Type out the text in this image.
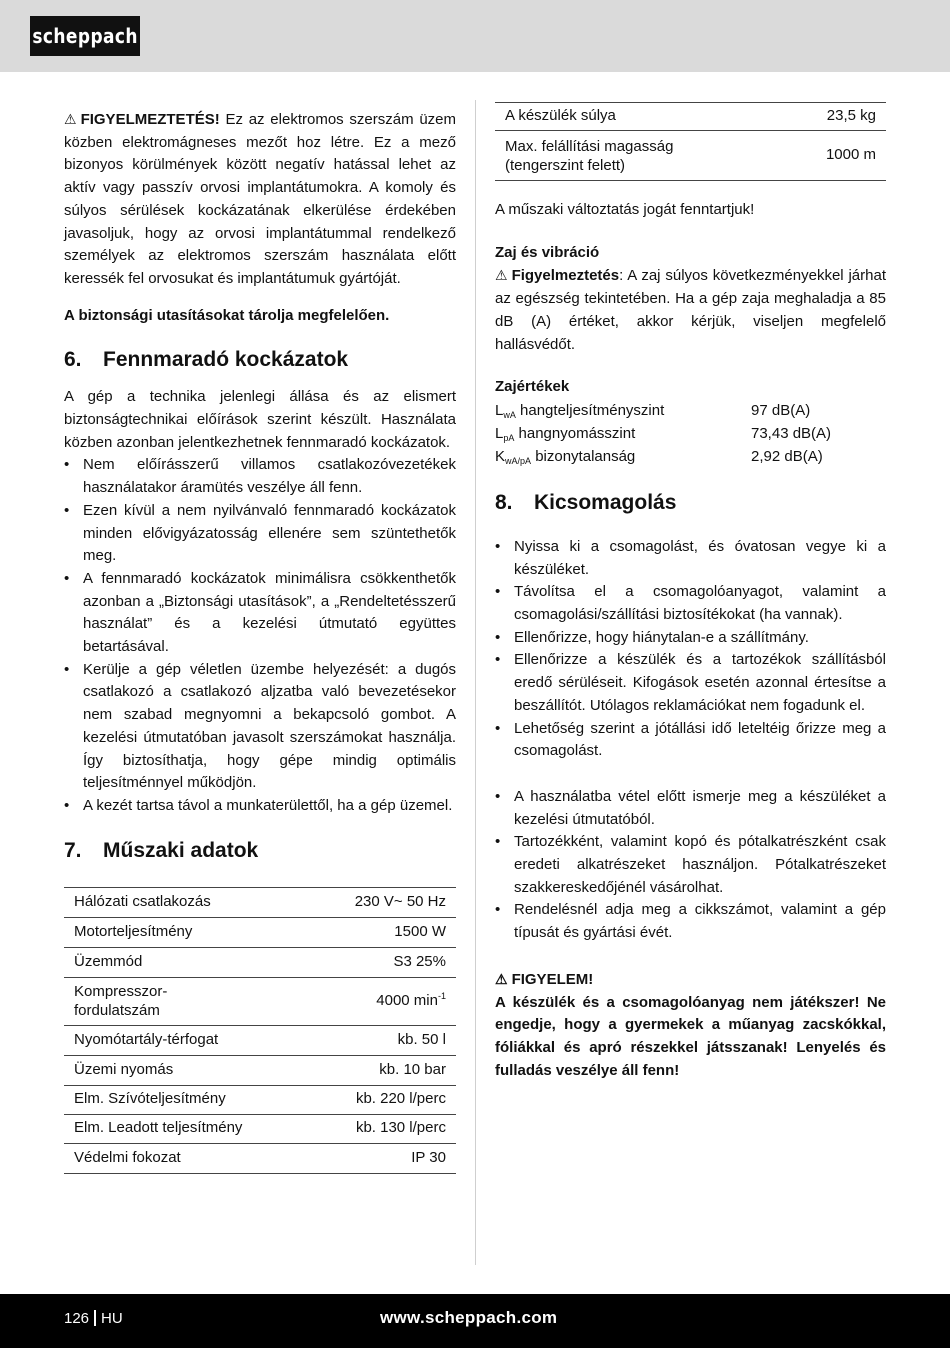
scheppach

⚠ FIGYELMEZTETÉS! Ez az elektromos szerszám üzem közben elektromágneses mezőt hoz létre. Ez a mező bizonyos körülmények között negatív hatással lehet az aktív vagy passzív orvosi implantátumokra. A komoly és súlyos sérülések kockázatának elkerülése érdekében javasoljuk, hogy az orvosi implantátummal rendelkező személyek az elektromos szerszám használata előtt keressék fel orvosukat és implantátumuk gyártóját.

A biztonsági utasításokat tárolja megfelelően.

6.	Fennmaradó kockázatok

A gép a technika jelenlegi állása és az elismert biztonságtechnikai előírások szerint készült. Használata közben azonban jelentkezhetnek fennmaradó kockázatok.

• Nem előírásszerű villamos csatlakozóvezetékek használatakor áramütés veszélye áll fenn.
• Ezen kívül a nem nyilvánvaló fennmaradó kockázatok minden elővigyázatosság ellenére sem szüntethetők meg.
• A fennmaradó kockázatok minimálisra csökkenthetők azonban a „Biztonsági utasítások”, a „Rendeltetésszerű használat” és a kezelési útmutató együttes betartásával.
• Kerülje a gép véletlen üzembe helyezését: a dugós csatlakozó a csatlakozó aljzatba való bevezetésekor nem szabad megnyomni a bekapcsoló gombot. A kezelési útmutatóban javasolt szerszámokat használja. Így biztosíthatja, hogy gépe mindig optimális teljesítménnyel működjön.
• A kezét tartsa távol a munkaterülettől, ha a gép üzemel.
7.	Műszaki adatok
Hálózati csatlakozás	230 V~ 50 Hz
Motorteljesítmény	1500 W
Üzemmód	S3 25%

Kompresszor-fordulatszám	4000 $\min^{-1}$
Nyomótartály-térfogat	kb. 50 l
Üzemi nyomás	kb. 10 bar
Elm. Szívóteljesítmény	kb. 220 l/perc
Elm. Leadott teljesítmény	kb. 130 l/perc
Védelmi fokozat	IP 30
A készülék súlya	23,5 kg

Max. felállítási magasság (tengerszint felett)	1000 m

A műszaki változtatás jogát fenntartjuk!

Zaj és vibráció

⚠ Figyelmeztetés: A zaj súlyos következményekkel járhat az egészség tekintetében. Ha a gép zaja meghaladja a 85 dB (A) értéket, akkor kérjük, viseljen megfelelő hallásvédőt.

Zajértékek
$L_{wA}$ hangteljesítményszint	97 dB(A)
$L_{pA}$ hangnyomásszint	73,43 dB(A)
$K_{wA/pA}$ bizonytalanság	2,92 dB(A)
8.	Kicsomagolás
• Nyissa ki a csomagolást, és óvatosan vegye ki a készüléket.
• Távolítsa el a csomagolóanyagot, valamint a csomagolási/szállítási biztosítékokat (ha vannak).
• Ellenőrizze, hogy hiánytalan-e a szállítmány.
• Ellenőrizze a készülék és a tartozékok szállításból eredő sérüléseit. Kifogások esetén azonnal értesítse a beszállítót. Utólagos reklamációkat nem fogadunk el.
• Lehetőség szerint a jótállási idő leteltéig őrizze meg a csomagolást.
• A használatba vétel előtt ismerje meg a készüléket a kezelési útmutatóból.
• Tartozékként, valamint kopó és pótalkatrészként csak eredeti alkatrészeket használjon. Pótalkatrészeket szakkereskedőjénél vásárolhat.
• Rendelésnél adja meg a cikkszámot, valamint a gép típusát és gyártási évét.

⚠ FIGYELEM!

A készülék és a csomagolóanyag nem játékszer! Ne engedje, hogy a gyermekek a műanyag zacskókkal, fóliákkal és apró részekkel játsszanak! Lenyelés és fulladás veszélye áll fenn!

126 HU	www.scheppach.com
